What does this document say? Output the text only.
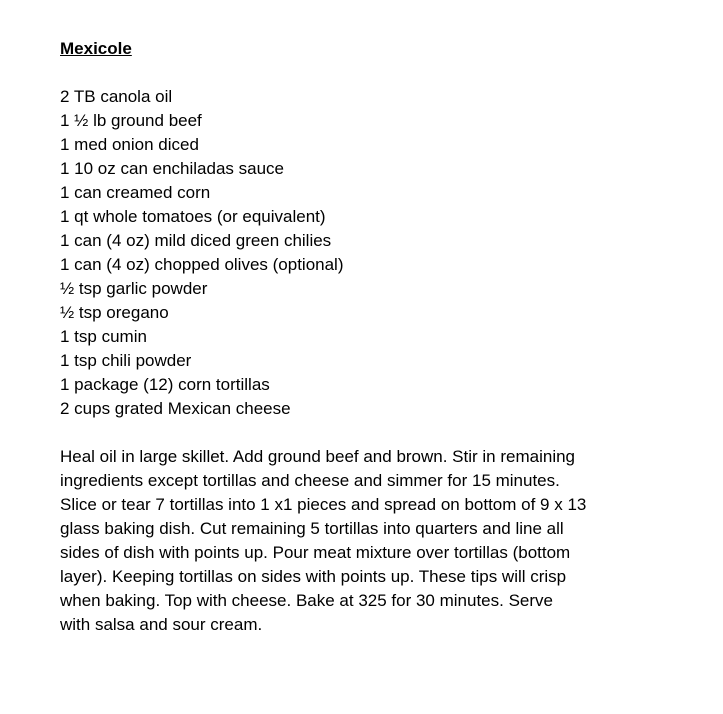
Mexicole
2 TB canola oil
1 ½ lb ground beef
1 med onion diced
1 10 oz can enchiladas sauce
1 can creamed corn
1 qt whole tomatoes (or equivalent)
1 can (4 oz) mild diced green chilies
1 can (4 oz) chopped olives (optional)
½ tsp garlic powder
½ tsp oregano
1 tsp cumin
1 tsp chili powder
1 package (12) corn tortillas
2 cups grated Mexican cheese

Heal oil in large skillet. Add ground beef and brown. Stir in remaining
ingredients except tortillas and cheese and simmer for 15 minutes.
Slice or tear 7 tortillas into 1 x1 pieces and spread on bottom of 9 x 13
glass baking dish. Cut remaining 5 tortillas into quarters and line all
sides of dish with points up. Pour meat mixture over tortillas (bottom
layer). Keeping tortillas on sides with points up. These tips will crisp
when baking. Top with cheese. Bake at 325 for 30 minutes. Serve
with salsa and sour cream.
